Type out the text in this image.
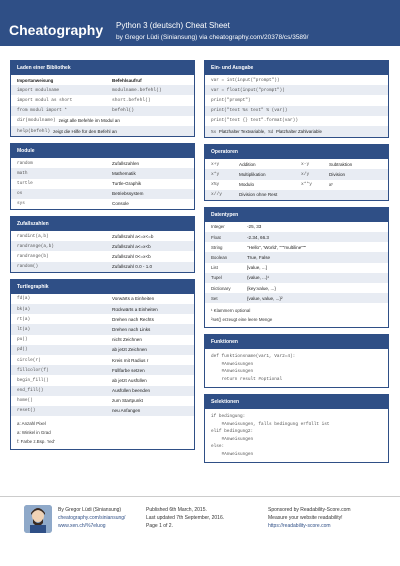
Cheatography Python 3 (deutsch) Cheat Sheet
by Gregor Lüdi (Siniansung) via cheatography.com/20378/cs/3589/
Laden einer Bibliothek
Importanweisung	Befehlsaufruf
import modulname	modulname.befehl()
import modul as short	short.befehl()
from modul import *	befehl()
dir(modulname) zeigt alle Befehle im Modul an
help(befehl) zeigt die Hilfe für den Befehl an
Module
random	Zufallszahlen
math	Mathematik
turtle	Turtle-Graphik
os	Betriebssystem
sys	Console
Zufallszahlen
randint(a,b)	Zufallszahl a<=x<=b
randrange(a,b)	Zufallszahl a<=x<b
randrange(b)	Zufallszahl 0<=x<b
random()	Zufallszahl 0.0 - 1.0
Turtlegraphik
fd(a)	Vorwärts a Einheiten
bk(a)	Rückwärts a Einheiten
rt(a)	Drehen nach Rechts
lt(a)	Drehen nach Links
pu()	nicht Zeichnen
pd()	ab jetzt Zeichnen
circle(r)	Kreis mit Radius r
fillcolor(f)	Füllfarbe setzen
begin_fill()	ab jetzt Ausfüllen
end_fill()	Ausfüllen beenden
home()	zum Startpunkt
reset()	neu Anfangen
a: Anzahl Pixel
a: Winkel in Grad
f: Farbe z.Bsp. 'red'
Ein- und Ausgabe
var = int(input("prompt"))
var = float(input("prompt"))
print("prompt")
print("text %s text" % (var))
print("text {} text".format(var))
%s Platzhalter Textvariable, %d Platzhalter Zahlvariable
Operatoren
x+y	Addition	x-y	Subtraktion
x*y	Multiplikation	x/y	Division
x%y	Modulo	x**y	xʸ
x//y	Division ohne Rest
Datentypen
Integer	-25, 33
Float	-2.34, 66.3
String	"Hello", 'World', """multiline"""
Boolean	True, False
List	[value, ...]
Tupel	(value, ...)¹
Dictionary	{key:value, ...}
Set	{value, value, ...}²
¹ Klammern optional
²set() erzeugt eine leere Menge
Funktionen
def funktionsname(var1, Var2=4):
#Anweisungen
#Anweisungen
return result #optional
Selektionen
if bedingung:
#Anweisungen, falls bedingung erfüllt ist
elif bedingung2:
#Anweisungen
else:
#Anweisungen
By Gregor Lüdi (Siniansung)
cheatography.com/siniansung/
www.xen.ch/%7eluog
Published 6th March, 2015.
Last updated 7th September, 2016.
Page 1 of 2.
Sponsored by Readability-Score.com
Measure your website readability!
https://readability-score.com
